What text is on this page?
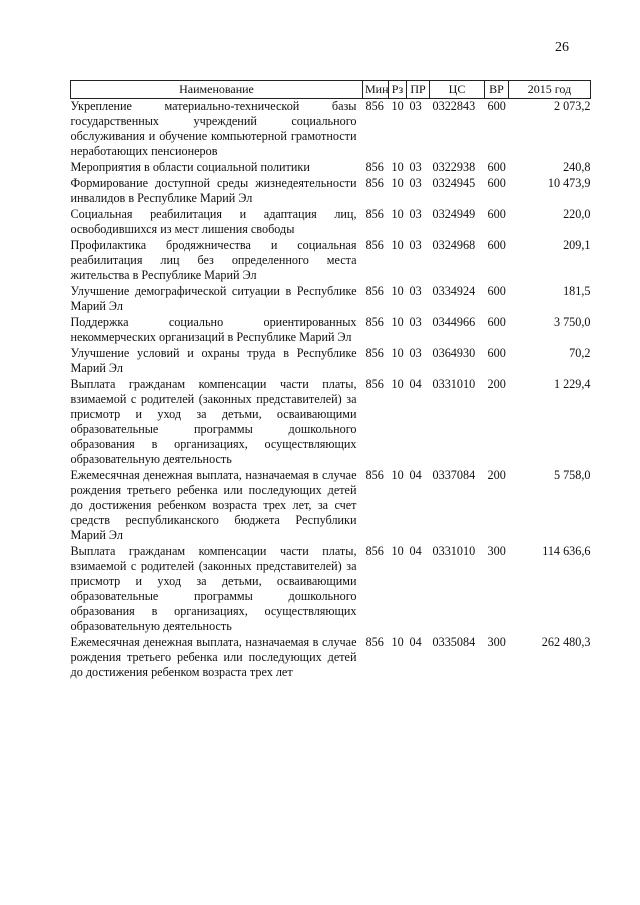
26
Наименование	Мин	Рз	ПР	ЦС	ВР	2015 год
Укрепление материально-технической базы государственных учреждений социального обслуживания и обучение компьютерной грамотности неработающих пенсионеров	856	10	03	0322843	600	2 073,2
Мероприятия в области социальной политики	856	10	03	0322938	600	240,8
Формирование доступной среды жизнедеятельности инвалидов в Республике Марий Эл	856	10	03	0324945	600	10 473,9
Социальная реабилитация и адаптация лиц, освободившихся из мест лишения свободы	856	10	03	0324949	600	220,0
Профилактика бродяжничества и социальная реабилитация лиц без определенного места жительства в Республике Марий Эл	856	10	03	0324968	600	209,1
Улучшение демографической ситуации в Республике Марий Эл	856	10	03	0334924	600	181,5
Поддержка социально ориентированных некоммерческих организаций в Республике Марий Эл	856	10	03	0344966	600	3 750,0
Улучшение условий и охраны труда в Республике Марий Эл	856	10	03	0364930	600	70,2
Выплата гражданам компенсации части платы, взимаемой с родителей (законных представителей) за присмотр и уход за детьми, осваивающими образовательные программы дошкольного образования в организациях, осуществляющих образовательную деятельность	856	10	04	0331010	200	1 229,4
Ежемесячная денежная выплата, назначаемая в случае рождения третьего ребенка или последующих детей до достижения ребенком возраста трех лет, за счет средств республиканского бюджета Республики Марий Эл	856	10	04	0337084	200	5 758,0
Выплата гражданам компенсации части платы, взимаемой с родителей (законных представителей) за присмотр и уход за детьми, осваивающими образовательные программы дошкольного образования в организациях, осуществляющих образовательную деятельность	856	10	04	0331010	300	114 636,6
Ежемесячная денежная выплата, назначаемая в случае рождения третьего ребенка или последующих детей до достижения ребенком возраста трех лет	856	10	04	0335084	300	262 480,3
